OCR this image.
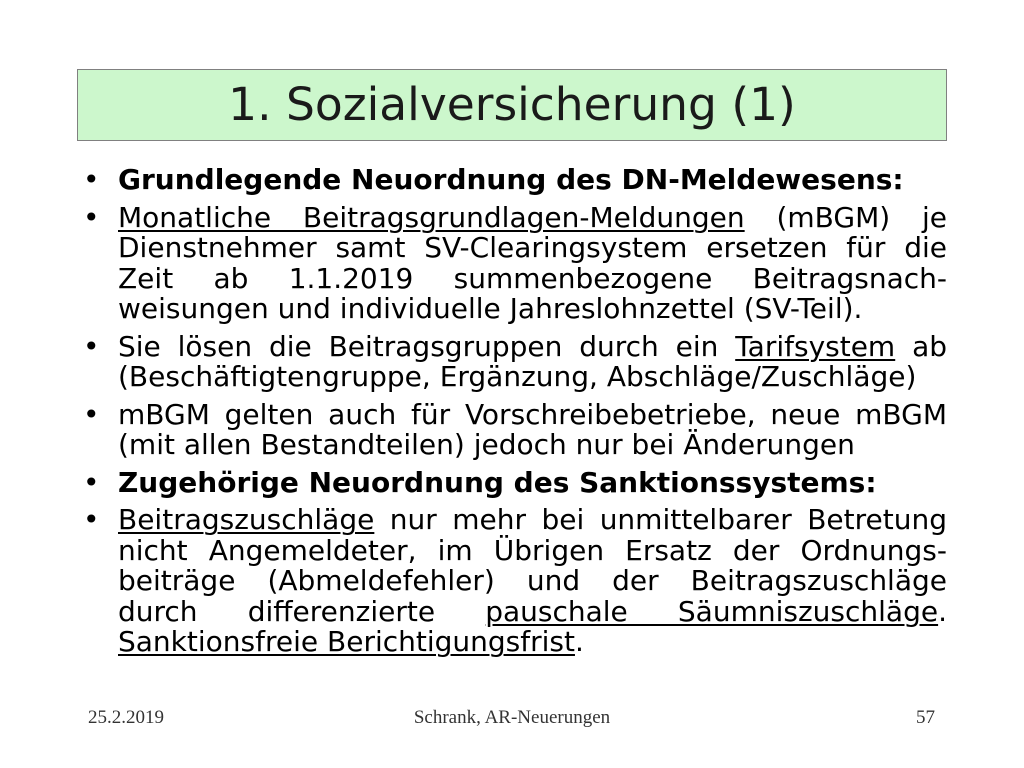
1. Sozialversicherung (1)
• Grundlegende Neuordnung des DN-Meldewesens:
• Monatliche Beitragsgrundlagen-Meldungen (mBGM) je
Dienstnehmer samt SV-Clearingsystem ersetzen für die
Zeit ab 1.1.2019 summenbezogene Beitragsnach-
weisungen und individuelle Jahreslohnzettel (SV-Teil).
• Sie lösen die Beitragsgruppen durch ein Tarifsystem ab
(Beschäftigtengruppe, Ergänzung, Abschläge/Zuschläge)
• mBGM gelten auch für Vorschreibebetriebe, neue mBGM
(mit allen Bestandteilen) jedoch nur bei Änderungen
• Zugehörige Neuordnung des Sanktionssystems:
• Beitragszuschläge nur mehr bei unmittelbarer Betretung
nicht Angemeldeter, im Übrigen Ersatz der Ordnungs-
beiträge (Abmeldefehler) und der Beitragszuschläge
durch differenzierte pauschale Säumniszuschläge.
Sanktionsfreie Berichtigungsfrist.
25.2.2019	Schrank, AR-Neuerungen	57
